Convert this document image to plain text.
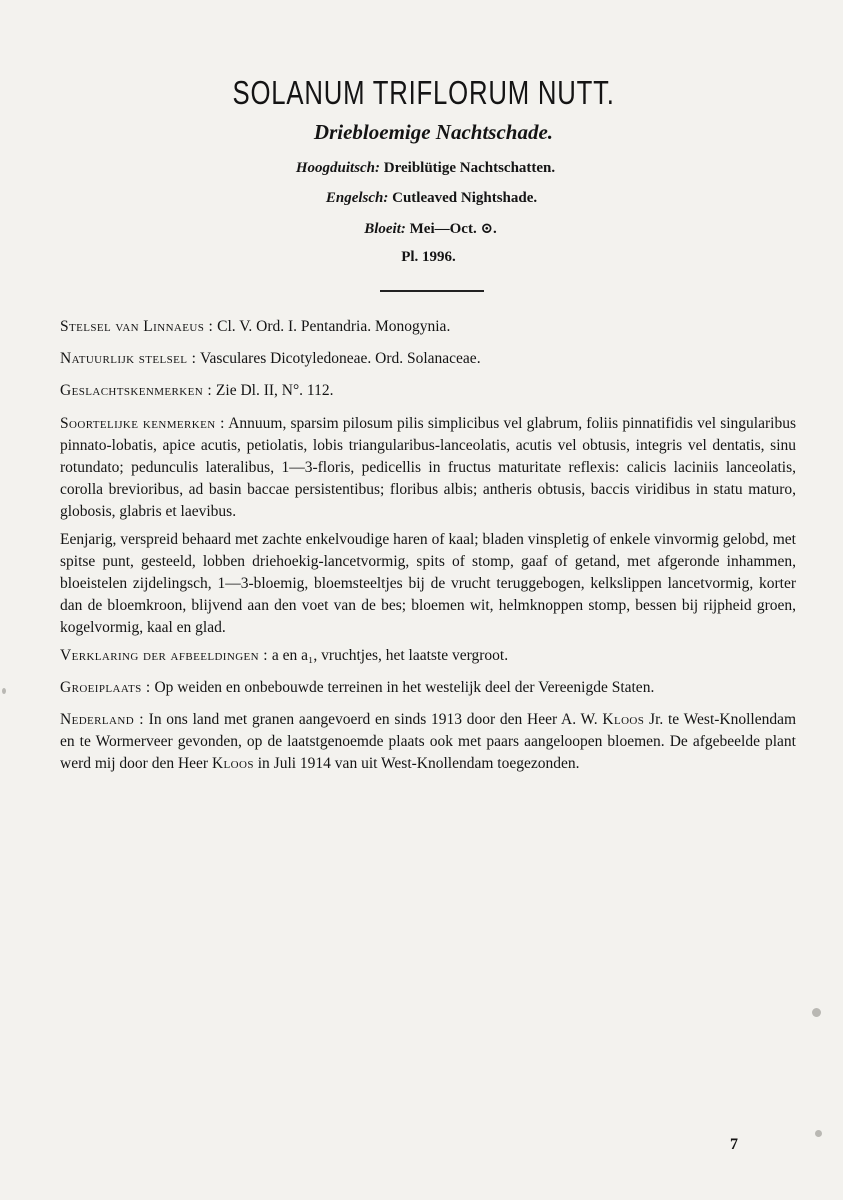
SOLANUM TRIFLORUM NUTT.
Driebloemige Nachtschade.
Hoogduitsch: Dreiblütige Nachtschatten.
Engelsch: Cutleaved Nightshade.
Bloeit: Mei—Oct. ⊙.
Pl. 1996.

Stelsel van Linnaeus : Cl. V. Ord. I. Pentandria. Monogynia.

Natuurlijk stelsel : Vasculares Dicotyledoneae. Ord. Solanaceae.

Geslachtskenmerken : Zie Dl. II, N°. 112.

Soortelijke kenmerken : Annuum, sparsim pilosum pilis simplicibus vel glabrum, foliis pinnatifidis vel singularibus pinnato-lobatis, apice acutis, petiolatis, lobis triangularibus-lanceolatis, acutis vel obtusis, integris vel dentatis, sinu rotundato; pedunculis lateralibus, 1—3-floris, pedicellis in fructus maturitate reflexis: calicis laciniis lanceolatis, corolla brevioribus, ad basin baccae persistentibus; floribus albis; antheris obtusis, baccis viridibus in statu maturo, globosis, glabris et laevibus.

Eenjarig, verspreid behaard met zachte enkelvoudige haren of kaal; bladen vinspletig of enkele vinvormig gelobd, met spitse punt, gesteeld, lobben driehoekig-lancetvormig, spits of stomp, gaaf of getand, met afgeronde inhammen, bloeistelen zijdelingsch, 1—3-bloemig, bloemsteeltjes bij de vrucht teruggebogen, kelkslippen lancetvormig, korter dan de bloemkroon, blijvend aan den voet van de bes; bloemen wit, helmknoppen stomp, bessen bij rijpheid groen, kogelvormig, kaal en glad.

Verklaring der afbeeldingen : a en a₁, vruchtjes, het laatste vergroot.

Groeiplaats : Op weiden en onbebouwde terreinen in het westelijk deel der Vereenigde Staten.

Nederland : In ons land met granen aangevoerd en sinds 1913 door den Heer A. W. Kloos Jr. te West-Knollendam en te Wormerveer gevonden, op de laatstgenoemde plaats ook met paars aangeloopen bloemen. De afgebeelde plant werd mij door den Heer Kloos in Juli 1914 van uit West-Knollendam toegezonden.

7
